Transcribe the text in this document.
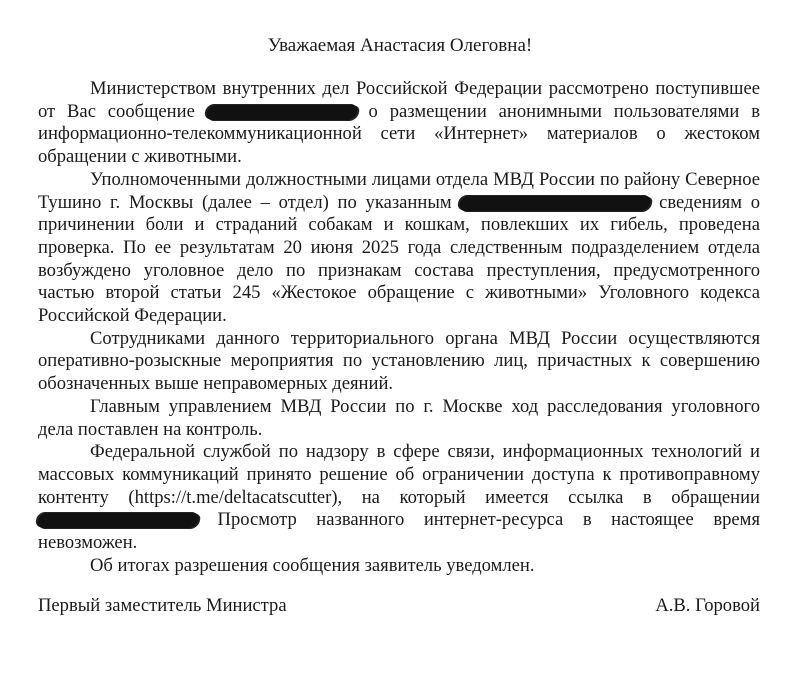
Уважаемая Анастасия Олеговна!

Министерством внутренних дел Российской Федерации рассмотрено поступившее от Вас сообщение	о размещении анонимными пользователями в информационно-телекоммуникационной сети «Интернет» материалов о жестоком обращении с животными.

Уполномоченными должностными лицами отдела МВД России по району Северное Тушино г. Москвы (далее – отдел) по указанным	сведениям о причинении боли и страданий собакам и кошкам, повлекших их гибель, проведена проверка. По ее результатам 20 июня 2025 года следственным подразделением отдела возбуждено уголовное дело по признакам состава преступления, предусмотренного частью второй статьи 245 «Жестокое обращение с животными» Уголовного кодекса Российской Федерации.

Сотрудниками данного территориального органа МВД России осуществляются оперативно-розыскные мероприятия по установлению лиц, причастных к совершению обозначенных выше неправомерных деяний.

Главным управлением МВД России по г. Москве ход расследования уголовного дела поставлен на контроль.

Федеральной службой по надзору в сфере связи, информационных технологий и массовых коммуникаций принято решение об ограничении доступа к противоправному контенту (https://t.me/deltacatscutter), на который имеется ссылка в обращении  Просмотр названного интернет-ресурса в настоящее время невозможен.

Об итогах разрешения сообщения заявитель уведомлен.

Первый заместитель Министра	А.В. Горовой
